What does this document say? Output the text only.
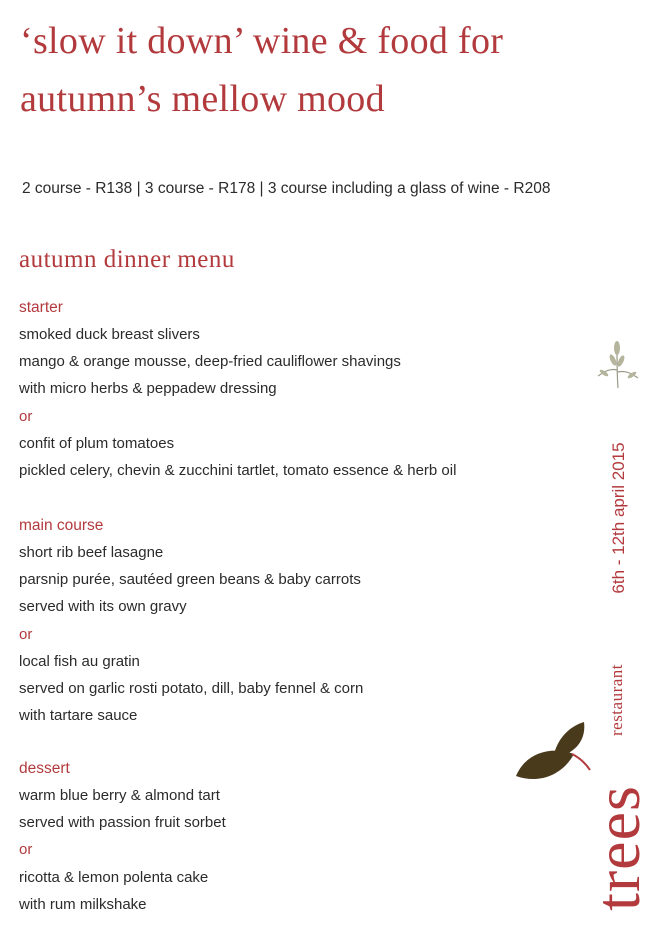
‘slow it down’ wine & food for
autumn’s mellow mood
2 course - R138 | 3 course - R178 | 3 course including a glass of wine - R208
autumn dinner menu
starter
smoked duck breast slivers
mango & orange mousse, deep-fried cauliflower shavings
with micro herbs & peppadew dressing
or
confit of plum tomatoes
pickled celery, chevin & zucchini tartlet, tomato essence & herb oil
main course
short rib beef lasagne
parsnip purée, sautéed green beans & baby carrots
served with its own gravy
or
local fish au gratin
served on garlic rosti potato, dill, baby fennel & corn
with tartare sauce
dessert
warm blue berry & almond tart
served with passion fruit sorbet
or
ricotta & lemon polenta cake
with rum milkshake
6th - 12th april 2015
restaurant
trees
